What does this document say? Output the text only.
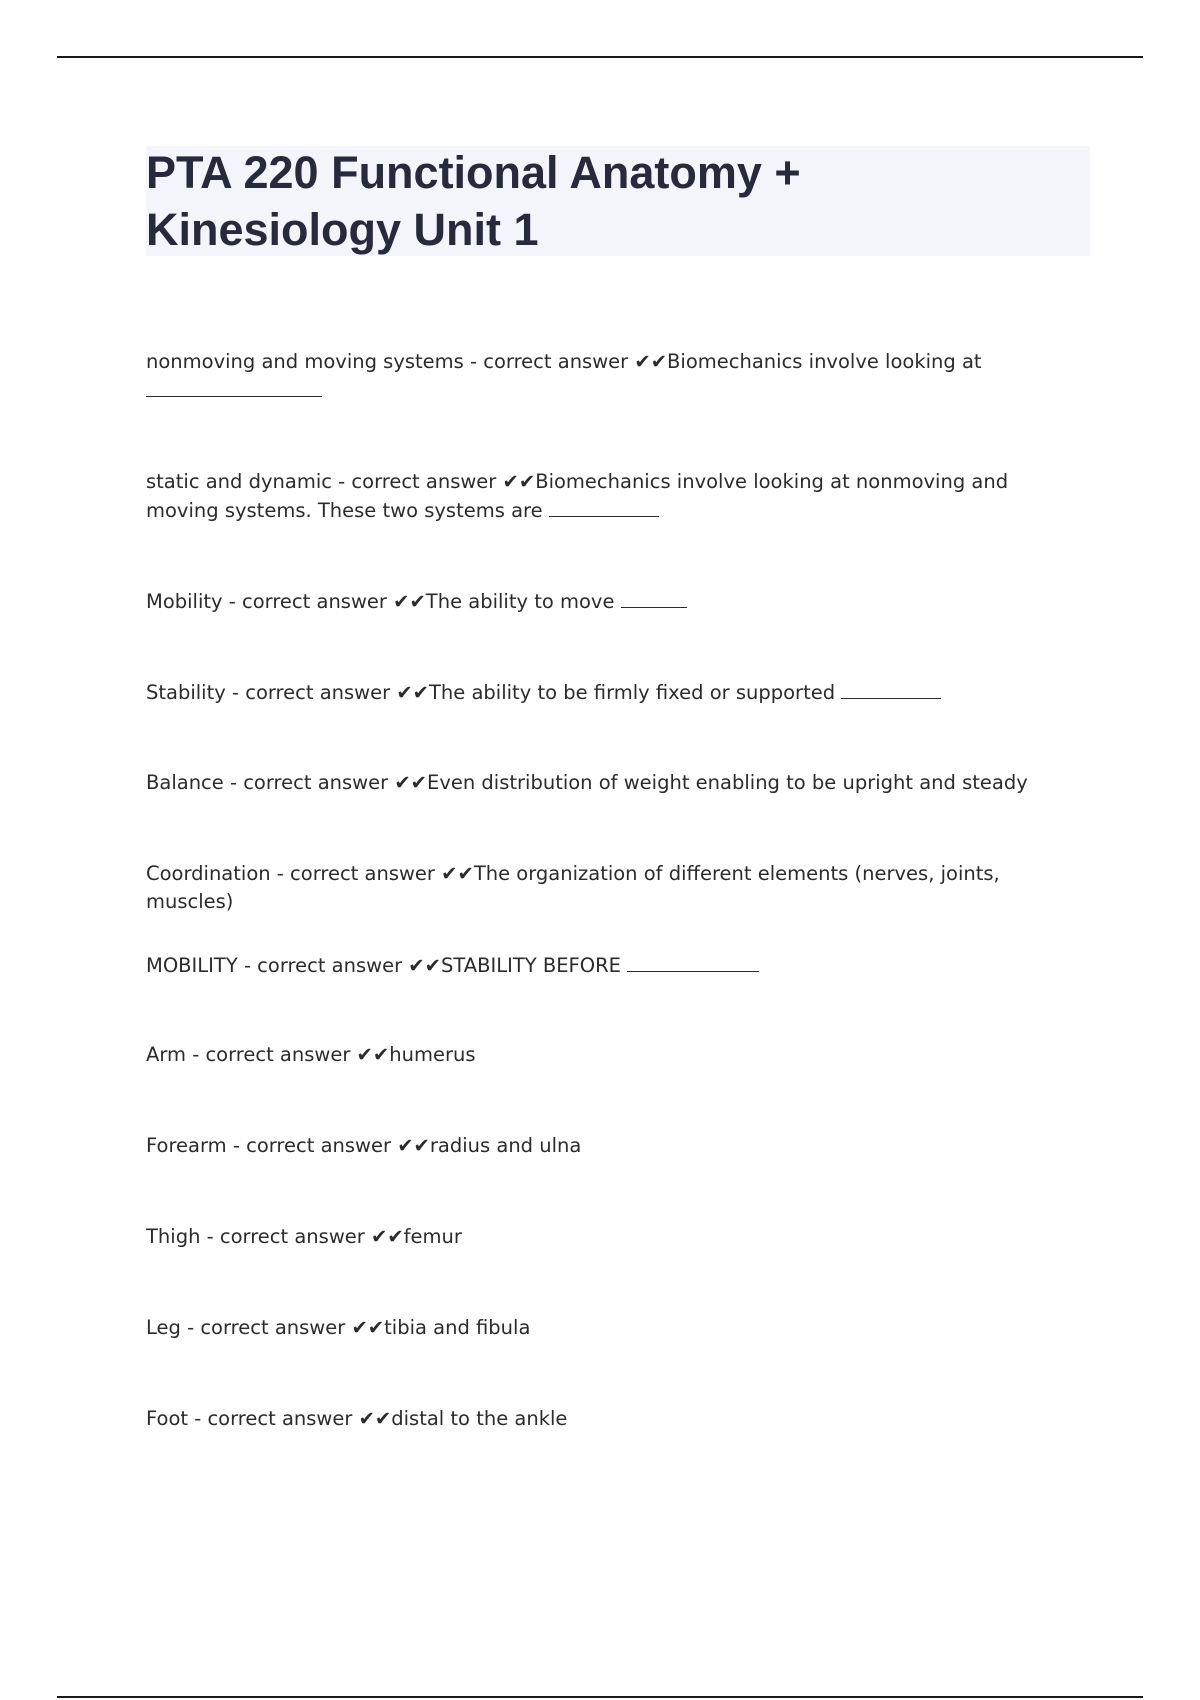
PTA 220 Functional Anatomy + Kinesiology Unit 1

nonmoving and moving systems - correct answer ✔✔Biomechanics involve looking at

static and dynamic - correct answer ✔✔Biomechanics involve looking at nonmoving and moving systems. These two systems are

Mobility - correct answer ✔✔The ability to move

Stability - correct answer ✔✔The ability to be firmly fixed or supported

Balance - correct answer ✔✔Even distribution of weight enabling to be upright and steady

Coordination - correct answer ✔✔The organization of different elements (nerves, joints, muscles)

MOBILITY - correct answer ✔✔STABILITY BEFORE

Arm - correct answer ✔✔humerus

Forearm - correct answer ✔✔radius and ulna

Thigh - correct answer ✔✔femur

Leg - correct answer ✔✔tibia and fibula

Foot - correct answer ✔✔distal to the ankle
